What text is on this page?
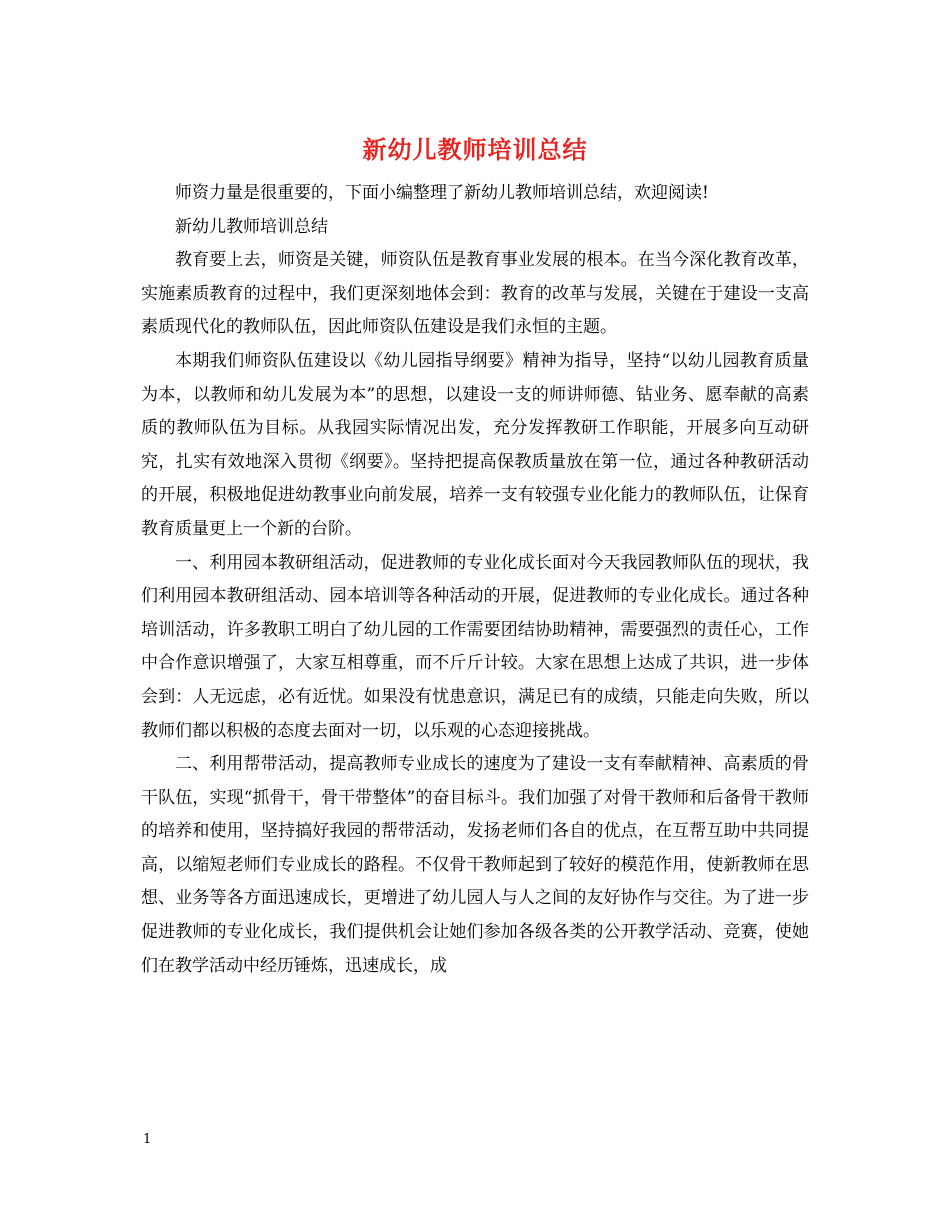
新幼儿教师培训总结

师资力量是很重要的，下面小编整理了新幼儿教师培训总结，欢迎阅读!

新幼儿教师培训总结

教育要上去，师资是关键，师资队伍是教育事业发展的根本。在当今深化教育改革，实施素质教育的过程中，我们更深刻地体会到：教育的改革与发展，关键在于建设一支高素质现代化的教师队伍，因此师资队伍建设是我们永恒的主题。

本期我们师资队伍建设以《幼儿园指导纲要》精神为指导，坚持“以幼儿园教育质量为本，以教师和幼儿发展为本”的思想，以建设一支的师讲师德、钻业务、愿奉献的高素质的教师队伍为目标。从我园实际情况出发，充分发挥教研工作职能，开展多向互动研究，扎实有效地深入贯彻《纲要》。坚持把提高保教质量放在第一位，通过各种教研活动的开展，积极地促进幼教事业向前发展，培养一支有较强专业化能力的教师队伍，让保育教育质量更上一个新的台阶。

一、利用园本教研组活动，促进教师的专业化成长面对今天我园教师队伍的现状，我们利用园本教研组活动、园本培训等各种活动的开展，促进教师的专业化成长。通过各种培训活动，许多教职工明白了幼儿园的工作需要团结协助精神，需要强烈的责任心，工作中合作意识增强了，大家互相尊重，而不斤斤计较。大家在思想上达成了共识，进一步体会到：人无远虑，必有近忧。如果没有忧患意识，满足已有的成绩，只能走向失败，所以教师们都以积极的态度去面对一切，以乐观的心态迎接挑战。

二、利用帮带活动，提高教师专业成长的速度为了建设一支有奉献精神、高素质的骨干队伍，实现“抓骨干，骨干带整体”的奋目标斗。我们加强了对骨干教师和后备骨干教师的培养和使用，坚持搞好我园的帮带活动，发扬老师们各自的优点，在互帮互助中共同提高，以缩短老师们专业成长的路程。不仅骨干教师起到了较好的模范作用，使新教师在思想、业务等各方面迅速成长，更增进了幼儿园人与人之间的友好协作与交往。为了进一步促进教师的专业化成长，我们提供机会让她们参加各级各类的公开教学活动、竞赛，使她们在教学活动中经历锤炼，迅速成长，成

1
